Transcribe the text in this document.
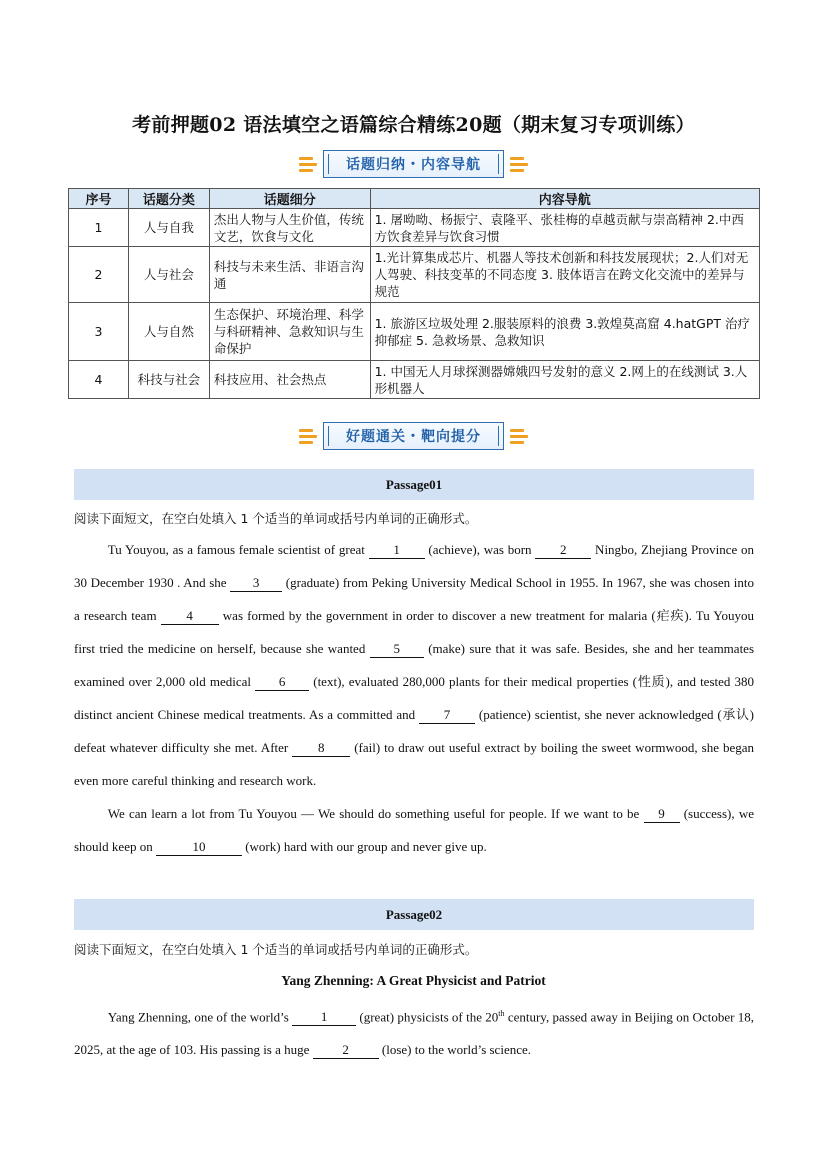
考前押题02 语法填空之语篇综合精练20题（期末复习专项训练）
话题归纳・内容导航
序号	话题分类	话题细分	内容导航
1	人与自我	杰出人物与人生价值，传统文艺，饮食与文化	1. 屠呦呦、杨振宁、袁隆平、张桂梅的卓越贡献与崇高精神 2.中西方饮食差异与饮食习惯
2	人与社会	科技与未来生活、非语言沟通	1.光计算集成芯片、机器人等技术创新和科技发展现状；2.人们对无人驾驶、科技变革的不同态度 3. 肢体语言在跨文化交流中的差异与规范
3	人与自然	生态保护、环境治理、科学与科研精神、急救知识与生命保护	1. 旅游区垃圾处理 2.服装原料的浪费 3.敦煌莫高窟 4.hatGPT 治疗抑郁症 5. 急救场景、急救知识
4	科技与社会	科技应用、社会热点	1. 中国无人月球探测器嫦娥四号发射的意义 2.网上的在线测试 3.人形机器人
好题通关・靶向提分
Passage01
阅读下面短文，在空白处填入 1 个适当的单词或括号内单词的正确形式。

Tu Youyou, as a famous female scientist of great 1 (achieve), was born 2 Ningbo, Zhejiang Province on 30 December 1930 . And she 3 (graduate) from Peking University Medical School in 1955. In 1967, she was chosen into a research team 4 was formed by the government in order to discover a new treatment for malaria (疟疾). Tu Youyou first tried the medicine on herself, because she wanted 5 (make) sure that it was safe. Besides, she and her teammates examined over 2,000 old medical 6 (text), evaluated 280,000 plants for their medical properties (性质), and tested 380 distinct ancient Chinese medical treatments. As a committed and 7 (patience) scientist, she never acknowledged (承认) defeat whatever difficulty she met. After 8 (fail) to draw out useful extract by boiling the sweet wormwood, she began even more careful thinking and research work.

We can learn a lot from Tu Youyou — We should do something useful for people. If we want to be 9 (success), we should keep on	10	(work) hard with our group and never give up.

Passage02
阅读下面短文，在空白处填入 1 个适当的单词或括号内单词的正确形式。
Yang Zhenning: A Great Physicist and Patriot

Yang Zhenning, one of the world’s 1 (great) physicists of the 20th century, passed away in Beijing on October 18, 2025, at the age of 103. His passing is a huge 2 (lose) to the world’s science.
